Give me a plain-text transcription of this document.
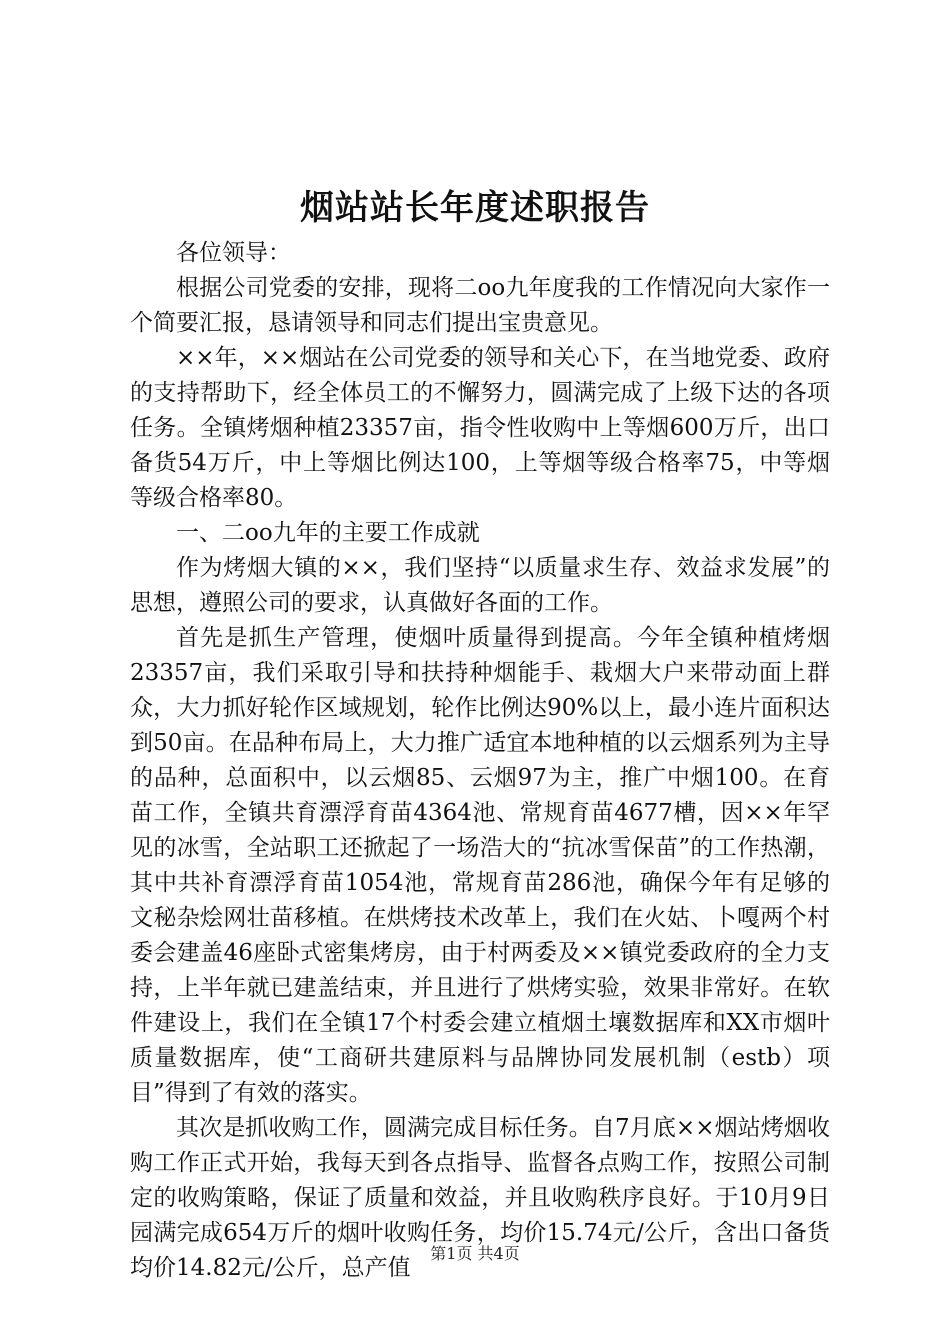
烟站站长年度述职报告

各位领导：

根据公司党委的安排，现将二oo九年度我的工作情况向大家作一个简要汇报，恳请领导和同志们提出宝贵意见。

××年，××烟站在公司党委的领导和关心下，在当地党委、政府的支持帮助下，经全体员工的不懈努力，圆满完成了上级下达的各项任务。全镇烤烟种植23357亩，指令性收购中上等烟600万斤，出口备货54万斤，中上等烟比例达100，上等烟等级合格率75，中等烟等级合格率80。

一、二oo九年的主要工作成就

作为烤烟大镇的××，我们坚持“以质量求生存、效益求发展”的思想，遵照公司的要求，认真做好各面的工作。

首先是抓生产管理，使烟叶质量得到提高。今年全镇种植烤烟23357亩，我们采取引导和扶持种烟能手、栽烟大户来带动面上群众，大力抓好轮作区域规划，轮作比例达90%以上，最小连片面积达到50亩。在品种布局上，大力推广适宜本地种植的以云烟系列为主导的品种，总面积中，以云烟85、云烟97为主，推广中烟100。在育苗工作，全镇共育漂浮育苗4364池、常规育苗4677槽，因××年罕见的冰雪，全站职工还掀起了一场浩大的“抗冰雪保苗”的工作热潮，其中共补育漂浮育苗1054池，常规育苗286池，确保今年有足够的文秘杂烩网壮苗移植。在烘烤技术改革上，我们在火姑、卜嘎两个村委会建盖46座卧式密集烤房，由于村两委及××镇党委政府的全力支持，上半年就已建盖结束，并且进行了烘烤实验，效果非常好。在软件建设上，我们在全镇17个村委会建立植烟土壤数据库和XX市烟叶质量数据库，使“工商研共建原料与品牌协同发展机制（estb）项目”得到了有效的落实。

其次是抓收购工作，圆满完成目标任务。自7月底××烟站烤烟收购工作正式开始，我每天到各点指导、监督各点购工作，按照公司制定的收购策略，保证了质量和效益，并且收购秩序良好。于10月9日园满完成654万斤的烟叶收购任务，均价15.74元/公斤，含出口备货均价14.82元/公斤，总产值

第1页 共4页
